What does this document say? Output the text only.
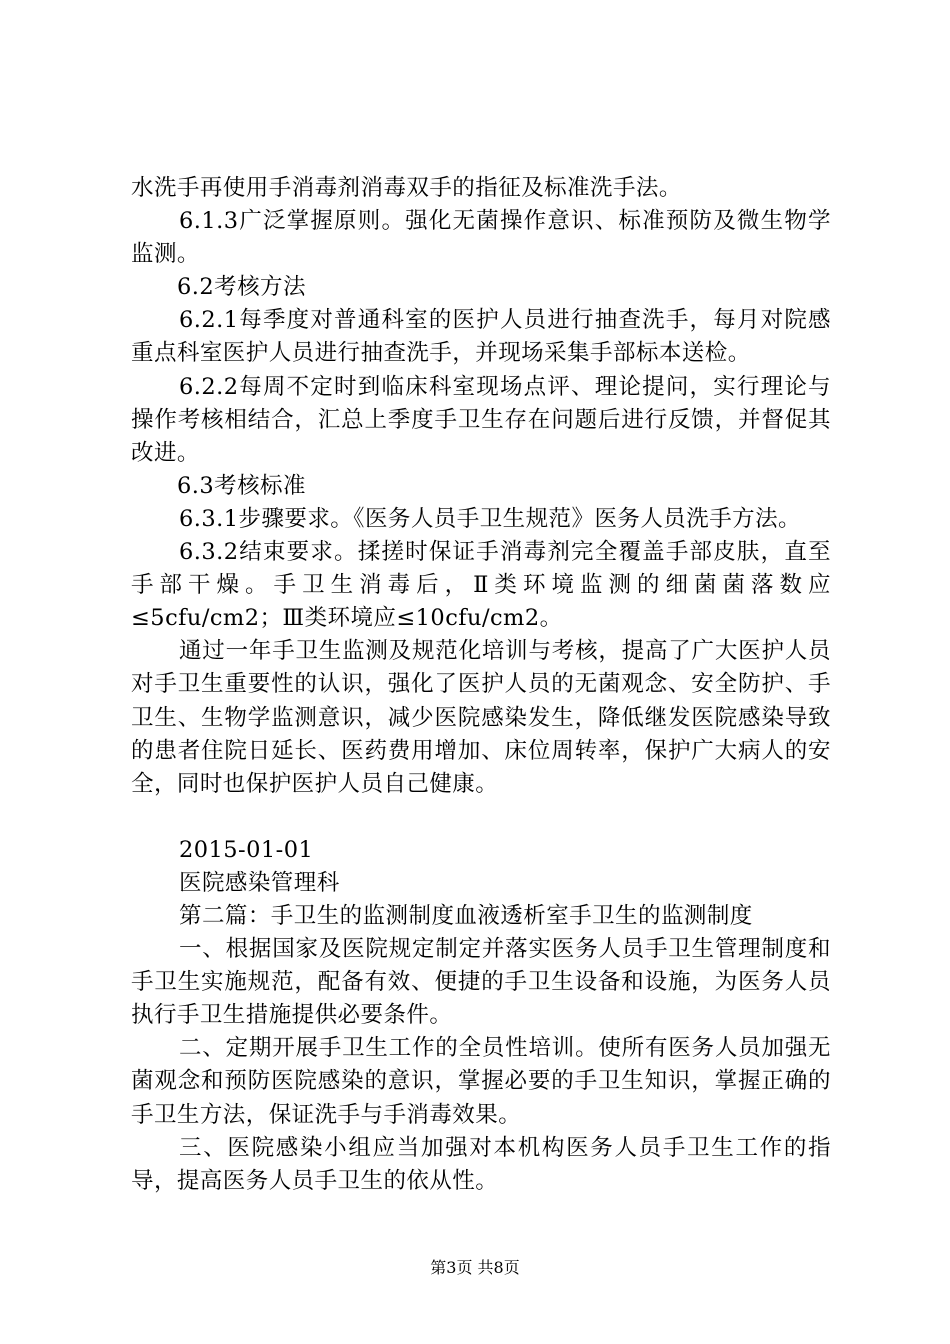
水洗手再使用手消毒剂消毒双手的指征及标准洗手法。

6.1.3广泛掌握原则。强化无菌操作意识、标准预防及微生物学监测。

6.2考核方法

6.2.1每季度对普通科室的医护人员进行抽查洗手，每月对院感重点科室医护人员进行抽查洗手，并现场采集手部标本送检。

6.2.2每周不定时到临床科室现场点评、理论提问，实行理论与操作考核相结合，汇总上季度手卫生存在问题后进行反馈，并督促其改进。

6.3考核标准

6.3.1步骤要求。《医务人员手卫生规范》医务人员洗手方法。

6.3.2结束要求。揉搓时保证手消毒剂完全覆盖手部皮肤，直至手部干燥。手卫生消毒后，Ⅱ类环境监测的细菌菌落数应≤5cfu/cm2；Ⅲ类环境应≤10cfu/cm2。

通过一年手卫生监测及规范化培训与考核，提高了广大医护人员对手卫生重要性的认识，强化了医护人员的无菌观念、安全防护、手卫生、生物学监测意识，减少医院感染发生，降低继发医院感染导致的患者住院日延长、医药费用增加、床位周转率，保护广大病人的安全，同时也保护医护人员自己健康。

2015-01-01

医院感染管理科

第二篇：手卫生的监测制度血液透析室手卫生的监测制度

一、根据国家及医院规定制定并落实医务人员手卫生管理制度和手卫生实施规范，配备有效、便捷的手卫生设备和设施，为医务人员执行手卫生措施提供必要条件。

二、定期开展手卫生工作的全员性培训。使所有医务人员加强无菌观念和预防医院感染的意识，掌握必要的手卫生知识，掌握正确的手卫生方法，保证洗手与手消毒效果。

三、医院感染小组应当加强对本机构医务人员手卫生工作的指导，提高医务人员手卫生的依从性。

第3页 共8页
